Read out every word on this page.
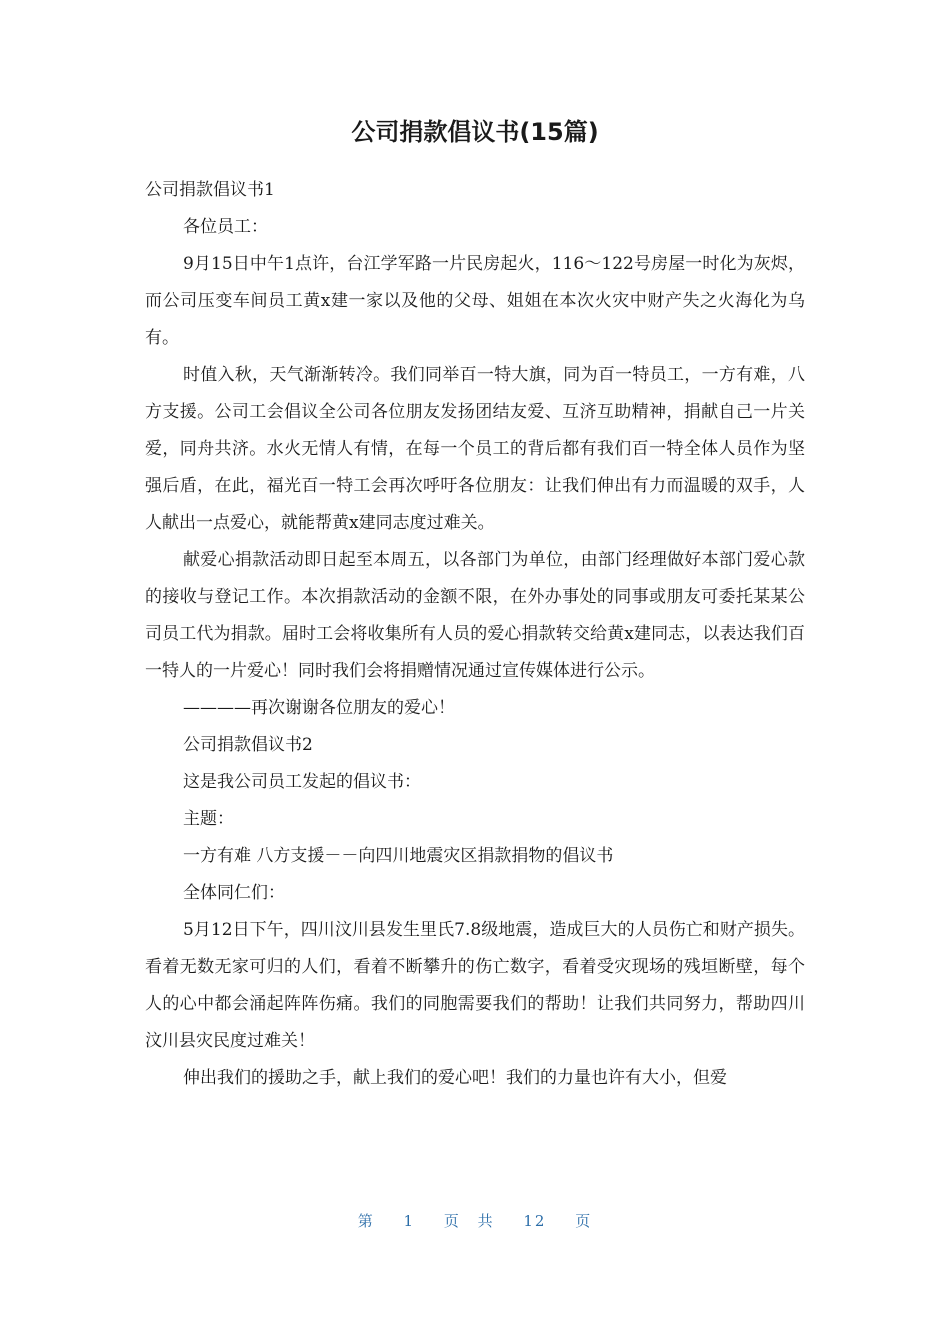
公司捐款倡议书(15篇)

公司捐款倡议书1

各位员工：

9月15日中午1点许，台江学军路一片民房起火，116～122号房屋一时化为灰烬，而公司压变车间员工黄x建一家以及他的父母、姐姐在本次火灾中财产失之火海化为乌有。

时值入秋，天气渐渐转冷。我们同举百一特大旗，同为百一特员工，一方有难，八方支援。公司工会倡议全公司各位朋友发扬团结友爱、互济互助精神，捐献自己一片关爱，同舟共济。水火无情人有情，在每一个员工的背后都有我们百一特全体人员作为坚强后盾，在此，福光百一特工会再次呼吁各位朋友：让我们伸出有力而温暖的双手，人人献出一点爱心，就能帮黄x建同志度过难关。

献爱心捐款活动即日起至本周五，以各部门为单位，由部门经理做好本部门爱心款的接收与登记工作。本次捐款活动的金额不限，在外办事处的同事或朋友可委托某某公司员工代为捐款。届时工会将收集所有人员的爱心捐款转交给黄x建同志，以表达我们百一特人的一片爱心！同时我们会将捐赠情况通过宣传媒体进行公示。

————再次谢谢各位朋友的爱心！

公司捐款倡议书2

这是我公司员工发起的倡议书：

主题：

一方有难 八方支援－－向四川地震灾区捐款捐物的倡议书

全体同仁们：

5月12日下午，四川汶川县发生里氏7.8级地震，造成巨大的人员伤亡和财产损失。看着无数无家可归的人们，看着不断攀升的伤亡数字，看着受灾现场的残垣断壁，每个人的心中都会涌起阵阵伤痛。我们的同胞需要我们的帮助！让我们共同努力，帮助四川汶川县灾民度过难关！

伸出我们的援助之手，献上我们的爱心吧！我们的力量也许有大小，但爱

第 1 页 共 12 页
